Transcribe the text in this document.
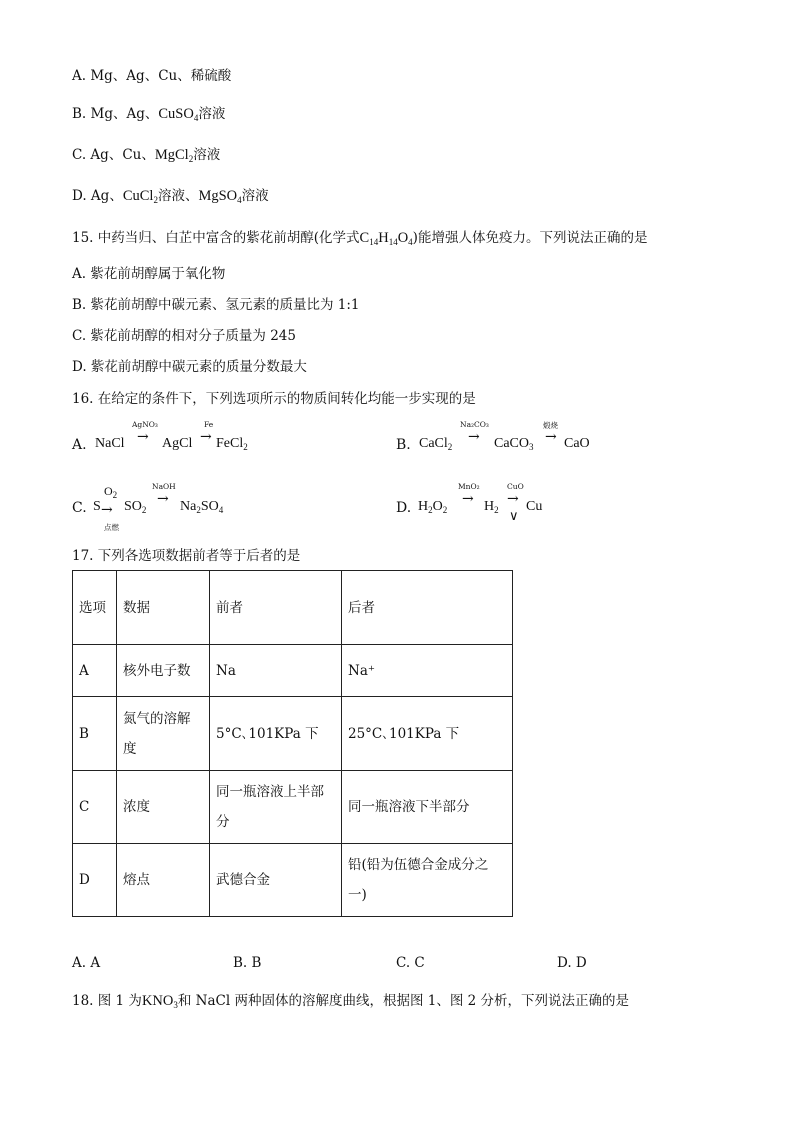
A. Mg、Ag、Cu、稀硫酸
B. Mg、Ag、CuSO$_4$溶液
C. Ag、Cu、MgCl$_2$溶液
D. Ag、CuCl$_2$溶液、MgSO$_4$溶液
15. 中药当归、白芷中富含的紫花前胡醇(化学式$C_{14}H_{14}O_4$)能增强人体免疫力。下列说法正确的是
A. 紫花前胡醇属于氧化物
B. 紫花前胡醇中碳元素、氢元素的质量比为 1:1
C. 紫花前胡醇的相对分子质量为 245
D. 紫花前胡醇中碳元素的质量分数最大
16. 在给定的条件下，下列选项所示的物质间转化均能一步实现的是
A. NaCl
AgNO₃
→ AgCl
Fe
→ FeCl$_2$	B. CaCl$_2$
Na₂CO₃
→ CaCO$_3$
煅烧
→ CaO
C. S
$O_2$
→
点燃
$SO_2$
NaOH
→ $Na_2SO_4$	D. $H_2O_2$
MnO₂
→ $H_2$
CuO
→
∨
Cu
17. 下列各选项数据前者等于后者的是
选项	数据	前者	后者
A	核外电子数	Na	Na⁺
B	氮气的溶解度	5°C､101KPa 下	25°C､101KPa 下
C	浓度	同一瓶溶液上半部分	同一瓶溶液下半部分
D	熔点	武德合金	铅(铅为伍德合金成分之一)
A. A	B. B	C. C	D. D
18. 图 1 为$KNO_3$和 NaCl 两种固体的溶解度曲线，根据图 1、图 2 分析，下列说法正确的是
